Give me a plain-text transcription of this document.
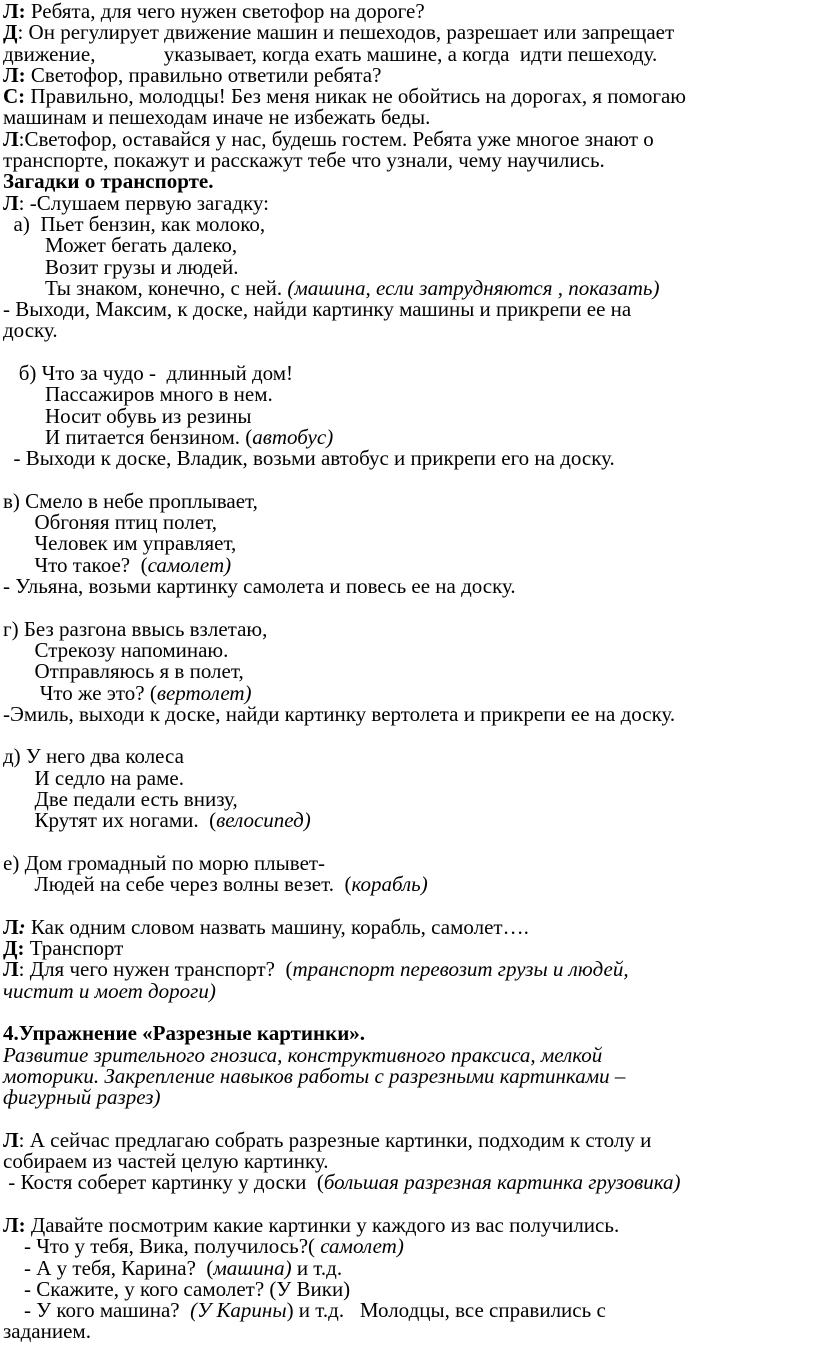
Л: Ребята, для чего нужен светофор на дороге?
Д: Он регулирует движение машин и пешеходов, разрешает или запрещает
движение,             указывает, когда ехать машине, а когда  идти пешеходу.
Л: Светофор, правильно ответили ребята?
С: Правильно, молодцы! Без меня никак не обойтись на дорогах, я помогаю
машинам и пешеходам иначе не избежать беды.
Л:Светофор, оставайся у нас, будешь гостем. Ребята уже многое знают о
транспорте, покажут и расскажут тебе что узнали, чему научились.
Загадки о транспорте.
Л: -Слушаем первую загадку:
а)  Пьет бензин, как молоко,
Может бегать далеко,
Возит грузы и людей.
Ты знаком, конечно, с ней. (машина, если затрудняются , показать)
- Выходи, Максим, к доске, найди картинку машины и прикрепи ее на
доску.
б) Что за чудо -  длинный дом!
Пассажиров много в нем.
Носит обувь из резины
И питается бензином. (автобус)
- Выходи к доске, Владик, возьми автобус и прикрепи его на доску.
в) Смело в небе проплывает,
Обгоняя птиц полет,
Человек им управляет,
Что такое?  (самолет)
- Ульяна, возьми картинку самолета и повесь ее на доску.
г) Без разгона ввысь взлетаю,
Стрекозу напоминаю.
Отправляюсь я в полет,
Что же это? (вертолет)
-Эмиль, выходи к доске, найди картинку вертолета и прикрепи ее на доску.
д) У него два колеса
И седло на раме.
Две педали есть внизу,
Крутят их ногами.  (велосипед)
е) Дом громадный по морю плывет-
Людей на себе через волны везет.  (корабль)
Л: Как одним словом назвать машину, корабль, самолет….
Д: Транспорт
Л: Для чего нужен транспорт?  (транспорт перевозит грузы и людей,
чистит и моет дороги)
4.Упражнение «Разрезные картинки».
Развитие зрительного гнозиса, конструктивного праксиса, мелкой
моторики. Закрепление навыков работы с разрезными картинками –
фигурный разрез)
Л: А сейчас предлагаю собрать разрезные картинки, подходим к столу и
собираем из частей целую картинку.
- Костя соберет картинку у доски  (большая разрезная картинка грузовика)
Л: Давайте посмотрим какие картинки у каждого из вас получились.
- Что у тебя, Вика, получилось?( самолет)
- А у тебя, Карина?  (машина) и т.д.
- Скажите, у кого самолет? (У Вики)
- У кого машина?  (У Карины) и т.д.   Молодцы, все справились с
заданием.
